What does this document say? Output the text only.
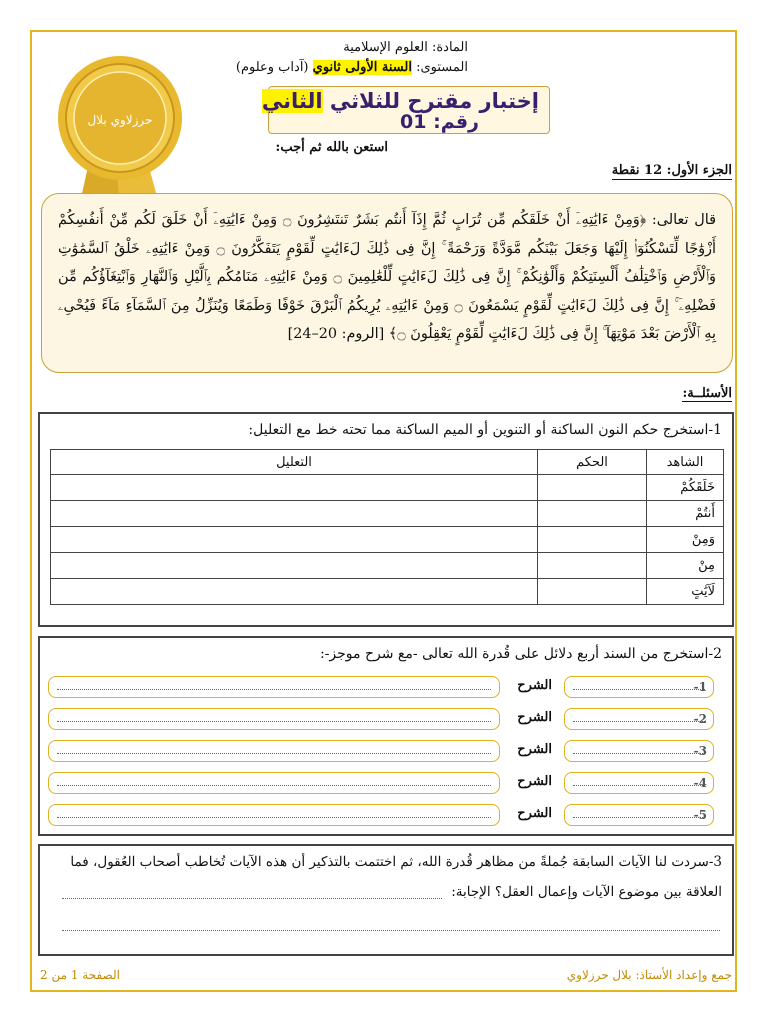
حرزلاوي بلال
المادة: العلوم الإسلامية
المستوى: السنة الأولى ثانوي (آداب وعلوم)
إختبار مقترح للثلاثي الثاني
رقم: 01
استعن بالله ثم أجب:
الجزء الأول: 12 نقطة
قال تعالى: ﴿وَمِنْ ءَايَٰتِهِۦٓ أَنْ خَلَقَكُم مِّن تُرَابٍ ثُمَّ إِذَآ أَنتُم بَشَرٌ تَنتَشِرُونَ ۝ وَمِنْ ءَايَٰتِهِۦٓ أَنْ خَلَقَ لَكُم مِّنْ أَنفُسِكُمْ أَزْوَٰجًا لِّتَسْكُنُوٓا۟ إِلَيْهَا وَجَعَلَ بَيْنَكُم مَّوَدَّةً وَرَحْمَةً ۚ إِنَّ فِى ذَٰلِكَ لَءَايَٰتٍ لِّقَوْمٍ يَتَفَكَّرُونَ ۝ وَمِنْ ءَايَٰتِهِۦ خَلْقُ ٱلسَّمَٰوَٰتِ وَٱلْأَرْضِ وَٱخْتِلَٰفُ أَلْسِنَتِكُمْ وَأَلْوَٰنِكُمْ ۚ إِنَّ فِى ذَٰلِكَ لَءَايَٰتٍ لِّلْعَٰلِمِينَ ۝ وَمِنْ ءَايَٰتِهِۦ مَنَامُكُم بِٱلَّيْلِ وَٱلنَّهَارِ وَٱبْتِغَآؤُكُم مِّن فَضْلِهِۦٓ ۚ إِنَّ فِى ذَٰلِكَ لَءَايَٰتٍ لِّقَوْمٍ يَسْمَعُونَ ۝ وَمِنْ ءَايَٰتِهِۦ يُرِيكُمُ ٱلْبَرْقَ خَوْفًا وَطَمَعًا وَيُنَزِّلُ مِنَ ٱلسَّمَآءِ مَآءً فَيُحْىِۦ بِهِ ٱلْأَرْضَ بَعْدَ مَوْتِهَآ ۚ إِنَّ فِى ذَٰلِكَ لَءَايَٰتٍ لِّقَوْمٍ يَعْقِلُونَ ۝﴾ [الروم: 20–24]
الأسئلــة:
1-استخرج حكم النون الساكنة أو التنوين أو الميم الساكنة مما تحته خط مع التعليل:
الشاهد	الحكم	التعليل
خَلَقَكُمْ		
أَنتُمْ		
وَمِنْ		
مِنْ		
لَآيَٰتٍ		
2-استخرج من السند أربع دلائل على قُدرة الله تعالى -مع شرح موجز-:
-1
الشرح
-2
الشرح
-3
الشرح
-4
الشرح
-5
الشرح
3-سردت لنا الآيات السابقة جُملةً من مظاهر قُدرة الله، ثم اختتمت بالتذكير أن هذه الآيات تُخاطب أصحاب العُقول، فما
العلاقة بين موضوع الآيات وإعمال العقل؟ الإجابة:
جمع وإعداد الأستاذ: بلال حرزلاوي
الصفحة 1 من 2
